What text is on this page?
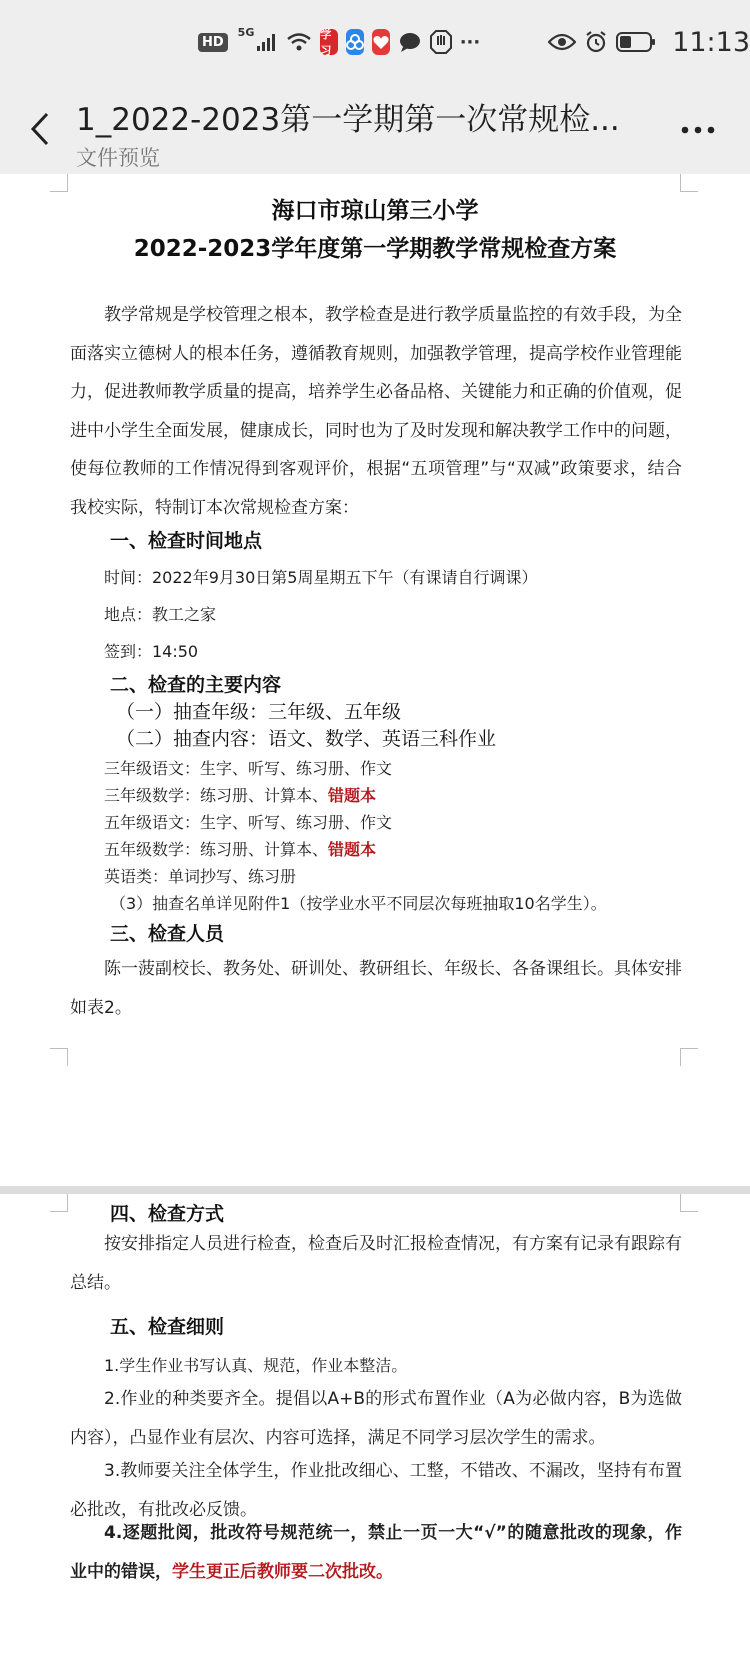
HD
5G	学习	···	11:13
1_2022-2023第一学期第一次常规检...
文件预览
海口市琼山第三小学
2022-2023学年度第一学期教学常规检查方案
教学常规是学校管理之根本，教学检查是进行教学质量监控的有效手段，为全面落实立德树人的根本任务，遵循教育规则，加强教学管理，提高学校作业管理能力，促进教师教学质量的提高，培养学生必备品格、关键能力和正确的价值观，促进中小学生全面发展，健康成长，同时也为了及时发现和解决教学工作中的问题，使每位教师的工作情况得到客观评价，根据“五项管理”与“双减”政策要求，结合我校实际，特制订本次常规检查方案：
一、检查时间地点
时间：2022年9月30日第5周星期五下午（有课请自行调课）
地点：教工之家
签到：14:50
二、检查的主要内容
（一）抽查年级：三年级、五年级
（二）抽查内容：语文、数学、英语三科作业
三年级语文：生字、听写、练习册、作文
三年级数学：练习册、计算本、错题本
五年级语文：生字、听写、练习册、作文
五年级数学：练习册、计算本、错题本
英语类：单词抄写、练习册
（3）抽查名单详见附件1（按学业水平不同层次每班抽取10名学生）。
三、检查人员
陈一菠副校长、教务处、研训处、教研组长、年级长、各备课组长。具体安排如表2。
四、检查方式
按安排指定人员进行检查，检查后及时汇报检查情况，有方案有记录有跟踪有总结。
五、检查细则
1.学生作业书写认真、规范，作业本整洁。
2.作业的种类要齐全。提倡以A+B的形式布置作业（A为必做内容，B为选做内容），凸显作业有层次、内容可选择，满足不同学习层次学生的需求。
3.教师要关注全体学生，作业批改细心、工整，不错改、不漏改，坚持有布置必批改，有批改必反馈。
4.逐题批阅，批改符号规范统一，禁止一页一大“√”的随意批改的现象，作业中的错误，学生更正后教师要二次批改。
